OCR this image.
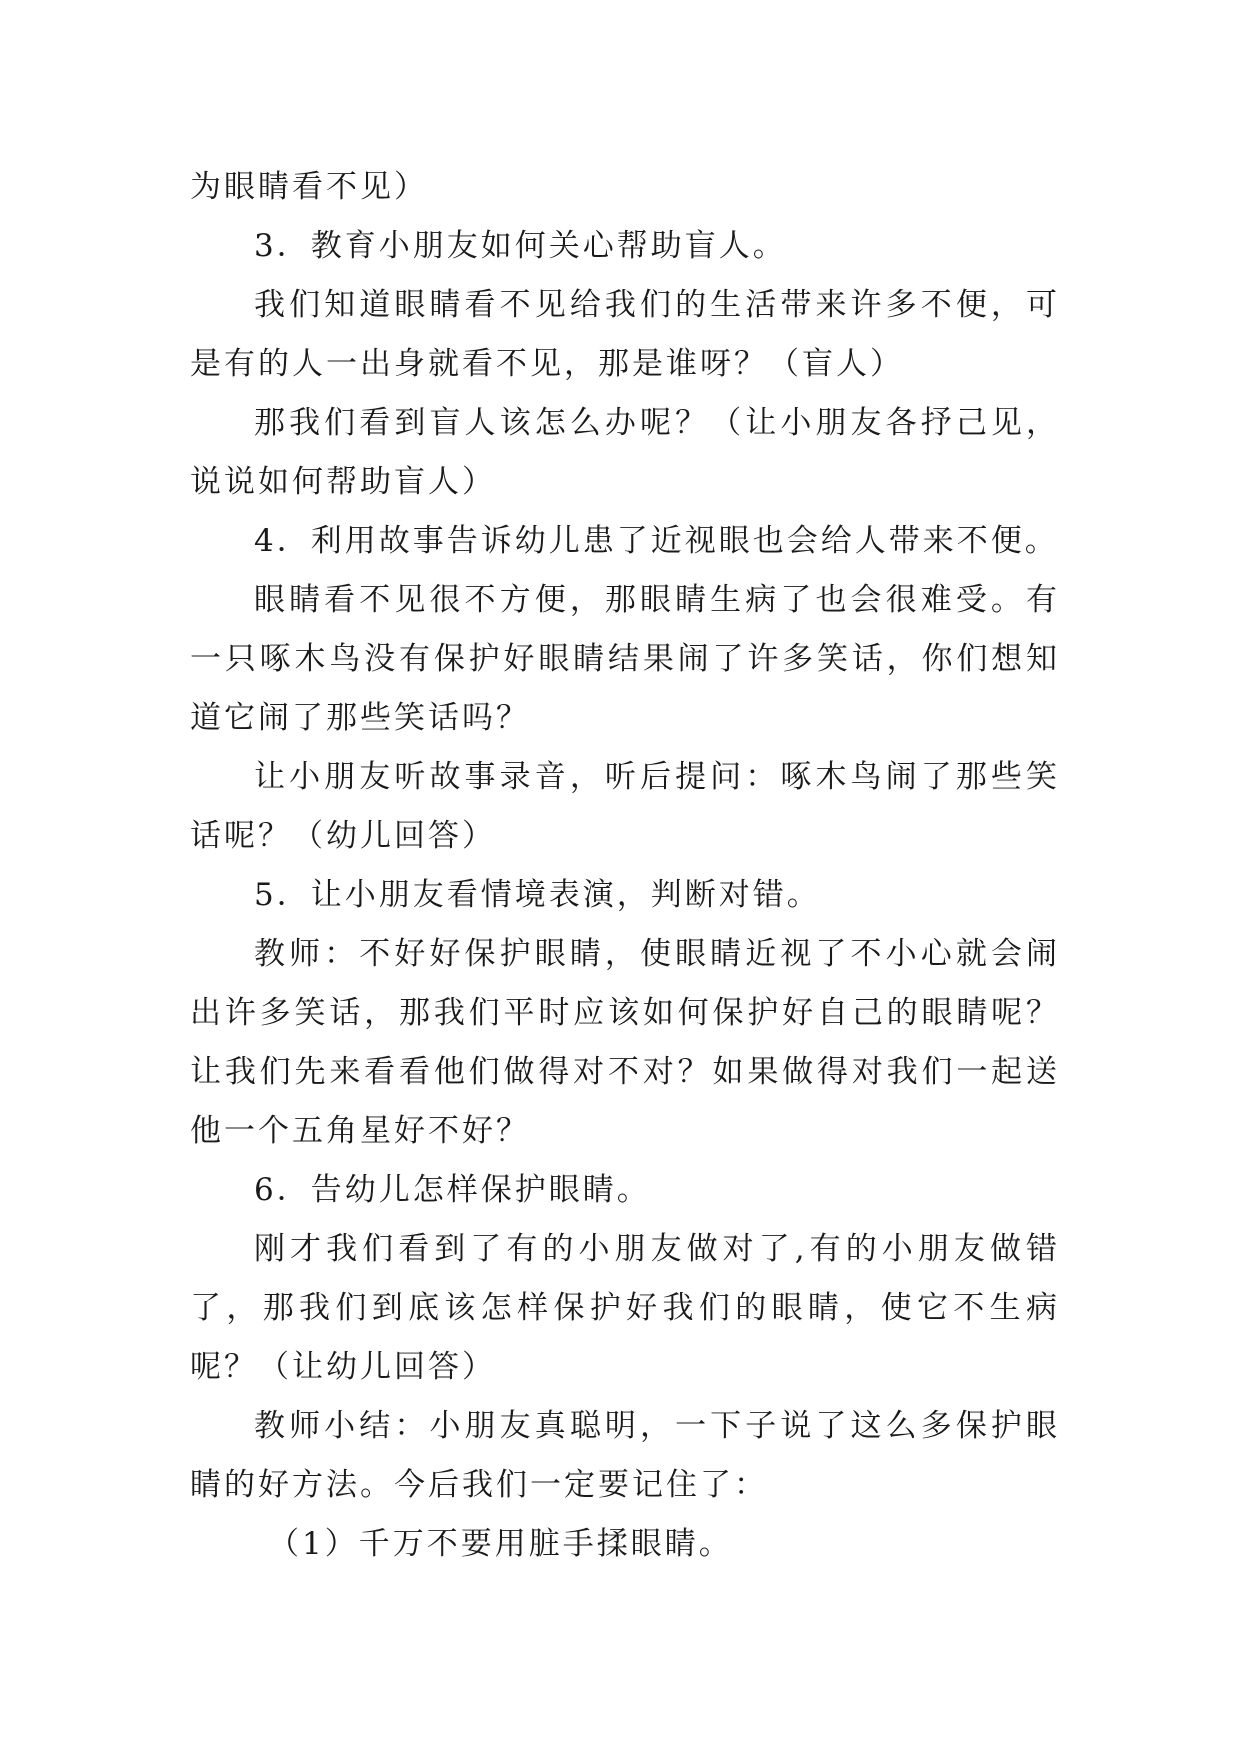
为眼睛看不见）

3．教育小朋友如何关心帮助盲人。

我们知道眼睛看不见给我们的生活带来许多不便，可是有的人一出身就看不见，那是谁呀？（盲人）

那我们看到盲人该怎么办呢？（让小朋友各抒己见，说说如何帮助盲人）

4．利用故事告诉幼儿患了近视眼也会给人带来不便。

眼睛看不见很不方便，那眼睛生病了也会很难受。有一只啄木鸟没有保护好眼睛结果闹了许多笑话，你们想知道它闹了那些笑话吗？

让小朋友听故事录音，听后提问：啄木鸟闹了那些笑话呢？（幼儿回答）

5．让小朋友看情境表演，判断对错。

教师：不好好保护眼睛，使眼睛近视了不小心就会闹出许多笑话，那我们平时应该如何保护好自己的眼睛呢？让我们先来看看他们做得对不对？如果做得对我们一起送他一个五角星好不好？

6．告幼儿怎样保护眼睛。

刚才我们看到了有的小朋友做对了,有的小朋友做错了，那我们到底该怎样保护好我们的眼睛，使它不生病呢？（让幼儿回答）

教师小结：小朋友真聪明，一下子说了这么多保护眼睛的好方法。今后我们一定要记住了：

（1）千万不要用脏手揉眼睛。
